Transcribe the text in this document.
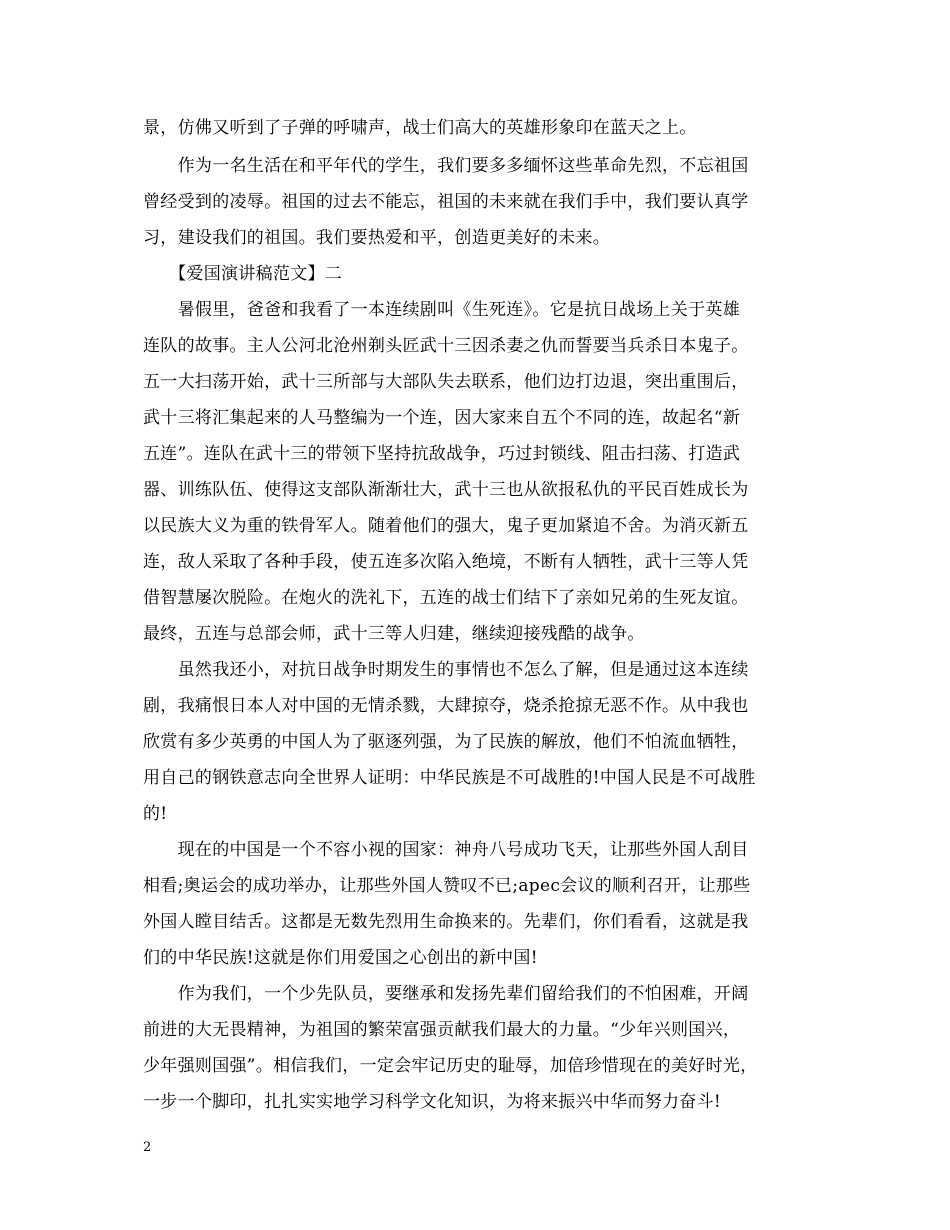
景，仿佛又听到了子弹的呼啸声，战士们高大的英雄形象印在蓝天之上。
　　作为一名生活在和平年代的学生，我们要多多缅怀这些革命先烈，不忘祖国
曾经受到的凌辱。祖国的过去不能忘，祖国的未来就在我们手中，我们要认真学
习，建设我们的祖国。我们要热爱和平，创造更美好的未来。
　　【爱国演讲稿范文】二
　　暑假里，爸爸和我看了一本连续剧叫《生死连》。它是抗日战场上关于英雄
连队的故事。主人公河北沧州剃头匠武十三因杀妻之仇而誓要当兵杀日本鬼子。
五一大扫荡开始，武十三所部与大部队失去联系，他们边打边退，突出重围后，
武十三将汇集起来的人马整编为一个连，因大家来自五个不同的连，故起名“新
五连”。连队在武十三的带领下坚持抗敌战争，巧过封锁线、阻击扫荡、打造武
器、训练队伍、使得这支部队渐渐壮大，武十三也从欲报私仇的平民百姓成长为
以民族大义为重的铁骨军人。随着他们的强大，鬼子更加紧追不舍。为消灭新五
连，敌人采取了各种手段，使五连多次陷入绝境，不断有人牺牲，武十三等人凭
借智慧屡次脱险。在炮火的洗礼下，五连的战士们结下了亲如兄弟的生死友谊。
最终，五连与总部会师，武十三等人归建，继续迎接残酷的战争。
　　虽然我还小，对抗日战争时期发生的事情也不怎么了解，但是通过这本连续
剧，我痛恨日本人对中国的无情杀戮，大肆掠夺，烧杀抢掠无恶不作。从中我也
欣赏有多少英勇的中国人为了驱逐列强，为了民族的解放，他们不怕流血牺牲，
用自己的钢铁意志向全世界人证明：中华民族是不可战胜的!中国人民是不可战胜
的!
　　现在的中国是一个不容小视的国家：神舟八号成功飞天，让那些外国人刮目
相看;奥运会的成功举办，让那些外国人赞叹不已;apec会议的顺利召开，让那些
外国人瞠目结舌。这都是无数先烈用生命换来的。先辈们，你们看看，这就是我
们的中华民族!这就是你们用爱国之心创出的新中国!
　　作为我们，一个少先队员，要继承和发扬先辈们留给我们的不怕困难，开阔
前进的大无畏精神，为祖国的繁荣富强贡献我们最大的力量。“少年兴则国兴，
少年强则国强”。相信我们，一定会牢记历史的耻辱，加倍珍惜现在的美好时光，
一步一个脚印，扎扎实实地学习科学文化知识，为将来振兴中华而努力奋斗!
2
